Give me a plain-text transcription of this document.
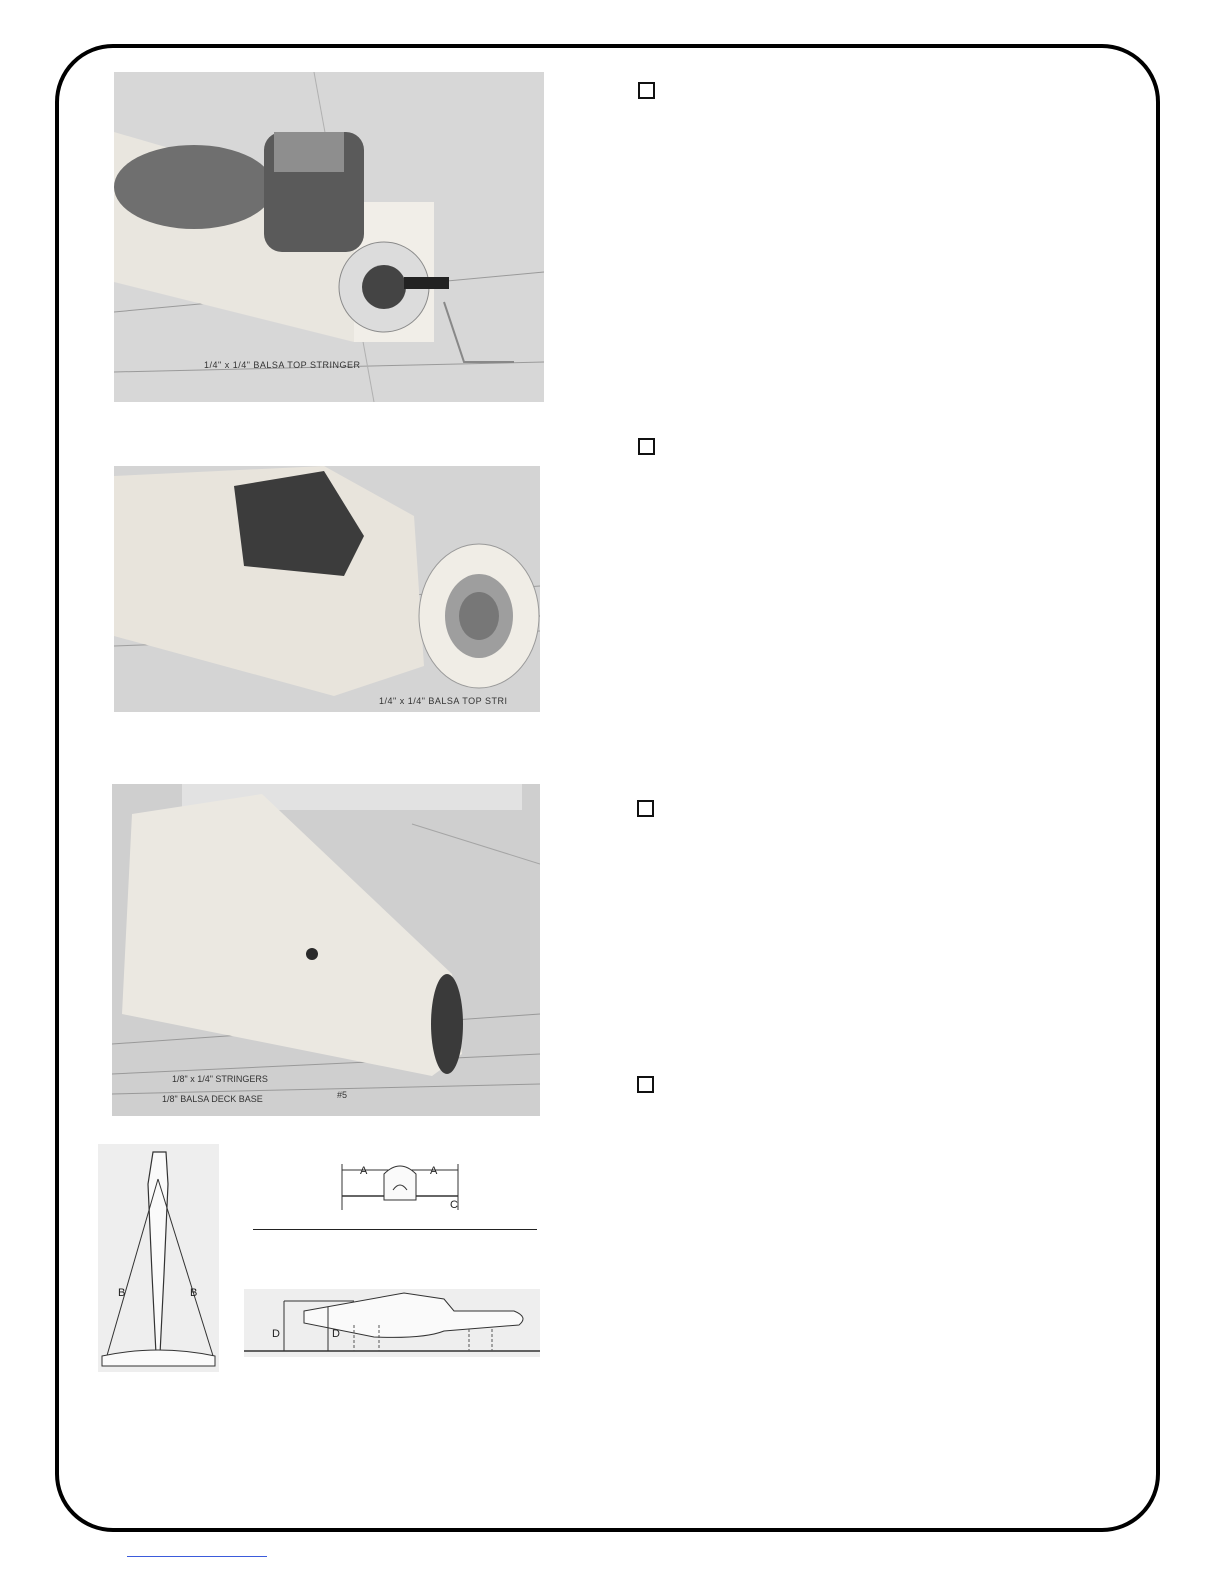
1/4" x 1/4" BALSA TOP STRINGER
1/4" x 1/4" BALSA TOP STRI
1/8" x 1/4" STRINGERS
1/8" BALSA DECK BASE	#5
B	B
A	A
C
D	D
